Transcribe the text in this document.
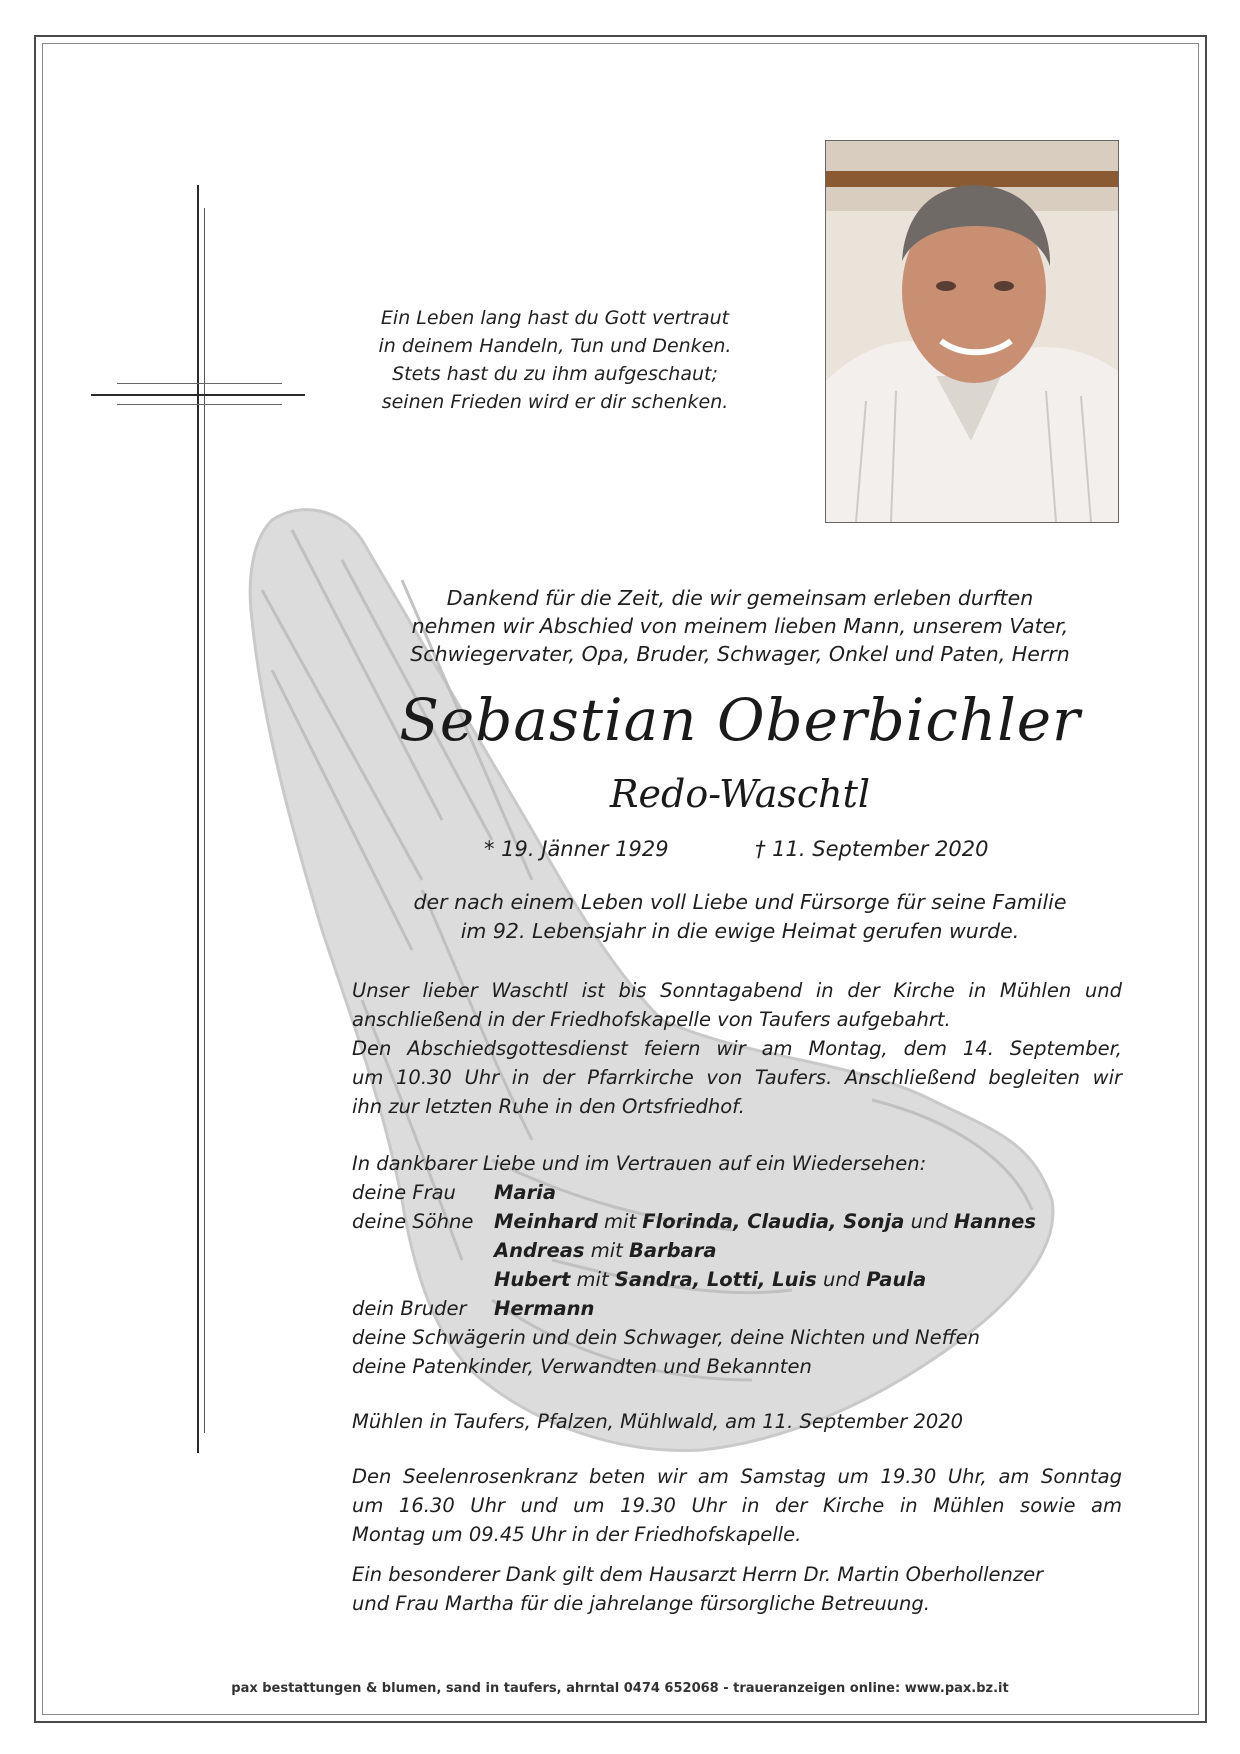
Ein Leben lang hast du Gott vertraut
in deinem Handeln, Tun und Denken.
Stets hast du zu ihm aufgeschaut;
seinen Frieden wird er dir schenken.
Dankend für die Zeit, die wir gemeinsam erleben durften
nehmen wir Abschied von meinem lieben Mann, unserem Vater,
Schwiegervater, Opa, Bruder, Schwager, Onkel und Paten, Herrn
Sebastian Oberbichler
Redo-Waschtl
* 19. Jänner 1929	† 11. September 2020
der nach einem Leben voll Liebe und Fürsorge für seine Familie
im 92. Lebensjahr in die ewige Heimat gerufen wurde.
Unser lieber Waschtl ist bis Sonntagabend in der Kirche in Mühlen und
anschließend in der Friedhofskapelle von Taufers aufgebahrt.
Den Abschiedsgottesdienst feiern wir am Montag, dem 14. September,
um 10.30 Uhr in der Pfarrkirche von Taufers. Anschließend begleiten wir
ihn zur letzten Ruhe in den Ortsfriedhof.
In dankbarer Liebe und im Vertrauen auf ein Wiedersehen:
deine Frau Maria
deine Söhne Meinhard mit Florinda, Claudia, Sonja und Hannes
Andreas mit Barbara
Hubert mit Sandra, Lotti, Luis und Paula
dein Bruder Hermann
deine Schwägerin und dein Schwager, deine Nichten und Neffen
deine Patenkinder, Verwandten und Bekannten
Mühlen in Taufers, Pfalzen, Mühlwald, am 11. September 2020
Den Seelenrosenkranz beten wir am Samstag um 19.30 Uhr, am Sonntag
um 16.30 Uhr und um 19.30 Uhr in der Kirche in Mühlen sowie am
Montag um 09.45 Uhr in der Friedhofskapelle.
Ein besonderer Dank gilt dem Hausarzt Herrn Dr. Martin Oberhollenzer
und Frau Martha für die jahrelange fürsorgliche Betreuung.
pax bestattungen & blumen, sand in taufers, ahrntal 0474 652068 - traueranzeigen online: www.pax.bz.it
